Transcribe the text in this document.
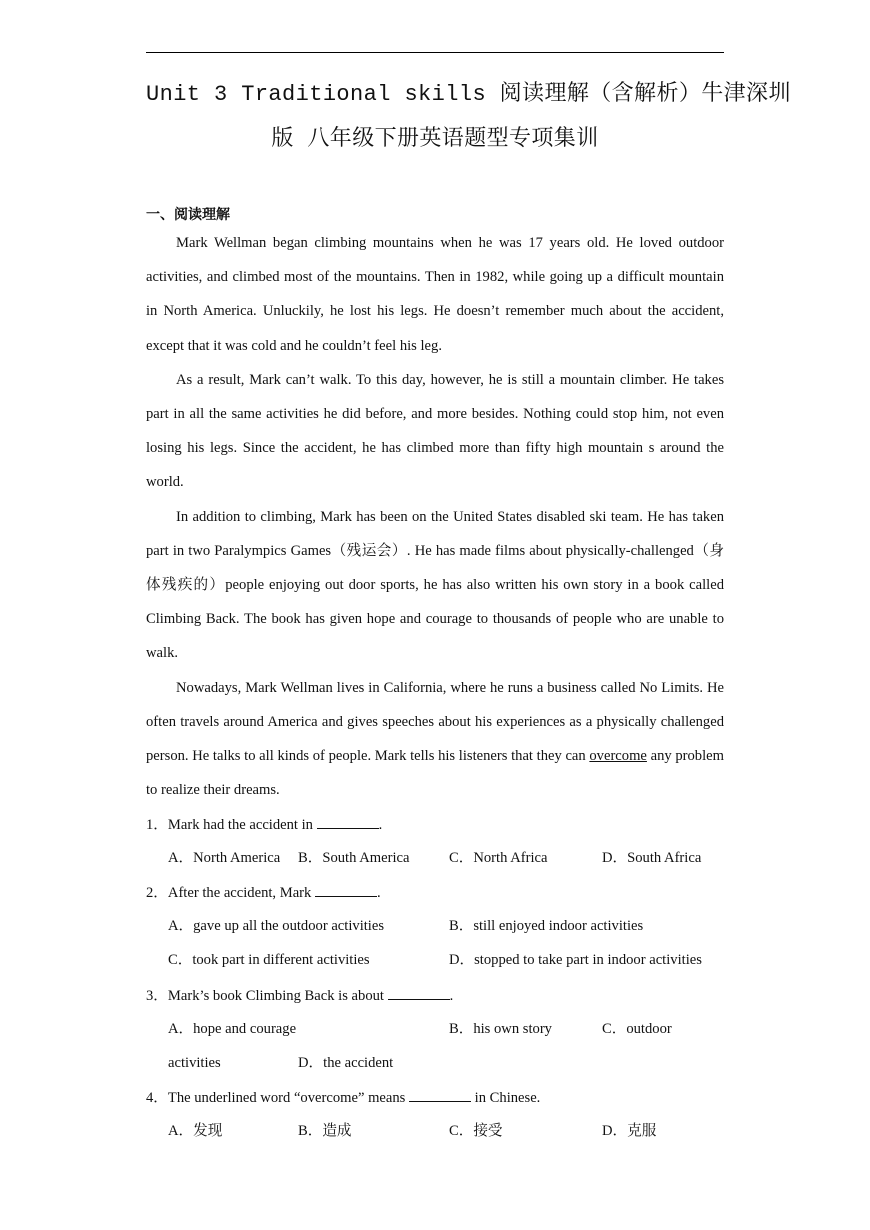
Unit 3 Traditional skills 阅读理解（含解析）牛津深圳
版 八年级下册英语题型专项集训
一、阅读理解

Mark Wellman began climbing mountains when he was 17 years old. He loved outdoor activities, and climbed most of the mountains. Then in 1982, while going up a difficult mountain in North America. Unluckily, he lost his legs. He doesn’t remember much about the accident, except that it was cold and he couldn’t feel his leg.

As a result, Mark can’t walk. To this day, however, he is still a mountain climber. He takes part in all the same activities he did before, and more besides. Nothing could stop him, not even losing his legs. Since the accident, he has climbed more than fifty high mountain s around the world.

In addition to climbing, Mark has been on the United States disabled ski team. He has taken part in two Paralympics Games（残运会）. He has made films about physically-challenged（身体残疾的）people enjoying out door sports, he has also written his own story in a book called Climbing Back. The book has given hope and courage to thousands of people who are unable to walk.

Nowadays, Mark Wellman lives in California, where he runs a business called No Limits. He often travels around America and gives speeches about his experiences as a physically challenged person. He talks to all kinds of people. Mark tells his listeners that they can overcome any problem to realize their dreams.

1．Mark had the accident in	.
A．North America B．South America	C．North Africa	D．South Africa
2．After the accident, Mark	.
A．gave up all the outdoor activities	B．still enjoyed indoor activities
C．took part in different activities	D．stopped to take part in indoor activities
3．Mark’s book Climbing Back is about	.
A．hope and courage	B．his own story	C．outdoor
activities	D．the accident
4．The underlined word “overcome” means	in Chinese.
A．发现	B．造成	C．接受	D．克服
